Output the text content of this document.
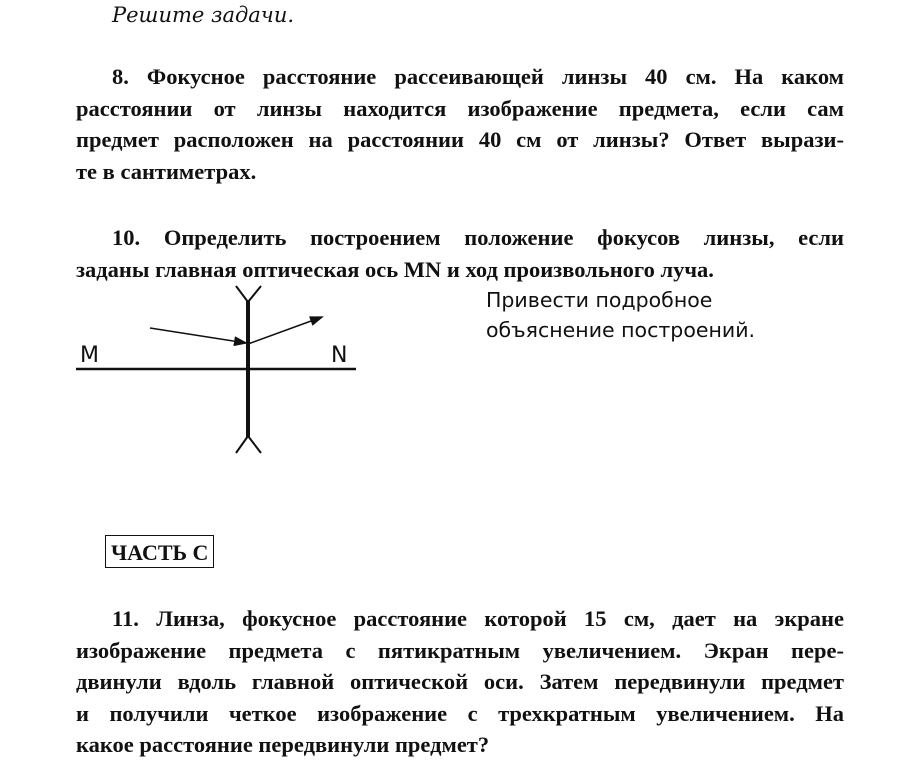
Решите задачи.

8. Фокусное расстояние рассеивающей линзы 40 см. На каком
расстоянии от линзы находится изображение предмета, если сам
предмет расположен на расстоянии 40 см от линзы? Ответ вырази-
те в сантиметрах.
10. Определить построением положение фокусов линзы, если
заданы главная оптическая ось MN и ход произвольного луча.
Привести подробное
объяснение построений.
M	N
ЧАСТЬ С
11. Линза, фокусное расстояние которой 15 см, дает на экране
изображение предмета с пятикратным увеличением. Экран пере-
двинули вдоль главной оптической оси. Затем передвинули предмет
и получили четкое изображение с трехкратным увеличением. На
какое расстояние передвинули предмет?
